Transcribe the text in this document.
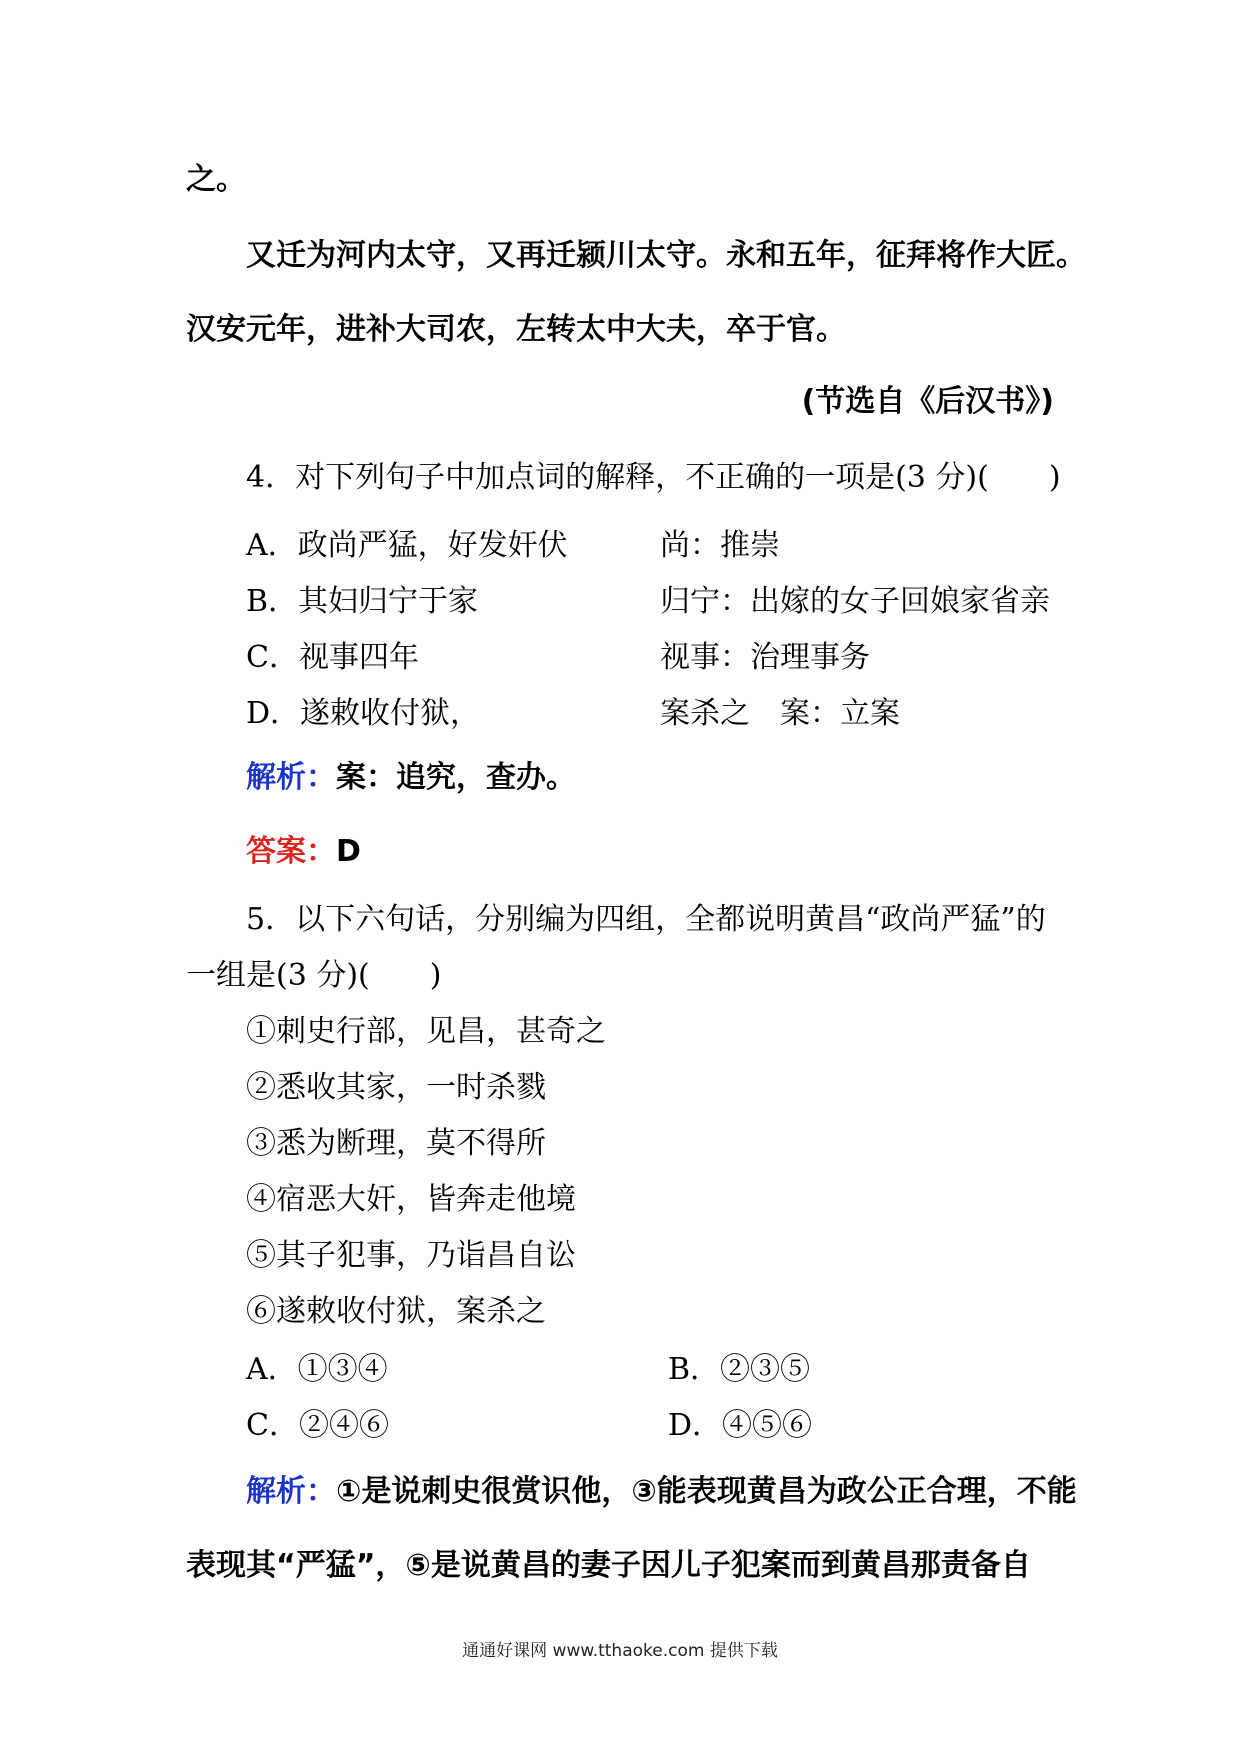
之。
又迁为河内太守，又再迁颍川太守。永和五年，征拜将作大匠。
汉安元年，进补大司农，左转太中大夫，卒于官。
(节选自《后汉书》)
4．对下列句子中加点词的解释，不正确的一项是(3 分)(　　)
A．政尚严猛，好发奸伏	尚：推崇
B．其妇归宁于家	归宁：出嫁的女子回娘家省亲
C．视事四年	视事：治理事务
D．遂敕收付狱，	案杀之　案：立案
解析：案：追究，查办。
答案：D
5．以下六句话，分别编为四组，全都说明黄昌“政尚严猛”的
一组是(3 分)(　　)
①刺史行部，见昌，甚奇之
②悉收其家，一时杀戮
③悉为断理，莫不得所
④宿恶大奸，皆奔走他境
⑤其子犯事，乃诣昌自讼
⑥遂敕收付狱，案杀之
A．①③④	B．②③⑤
C．②④⑥	D．④⑤⑥
解析：①是说刺史很赏识他，③能表现黄昌为政公正合理，不能
表现其“严猛”，⑤是说黄昌的妻子因儿子犯案而到黄昌那责备自
通通好课网 www.tthaoke.com 提供下载
